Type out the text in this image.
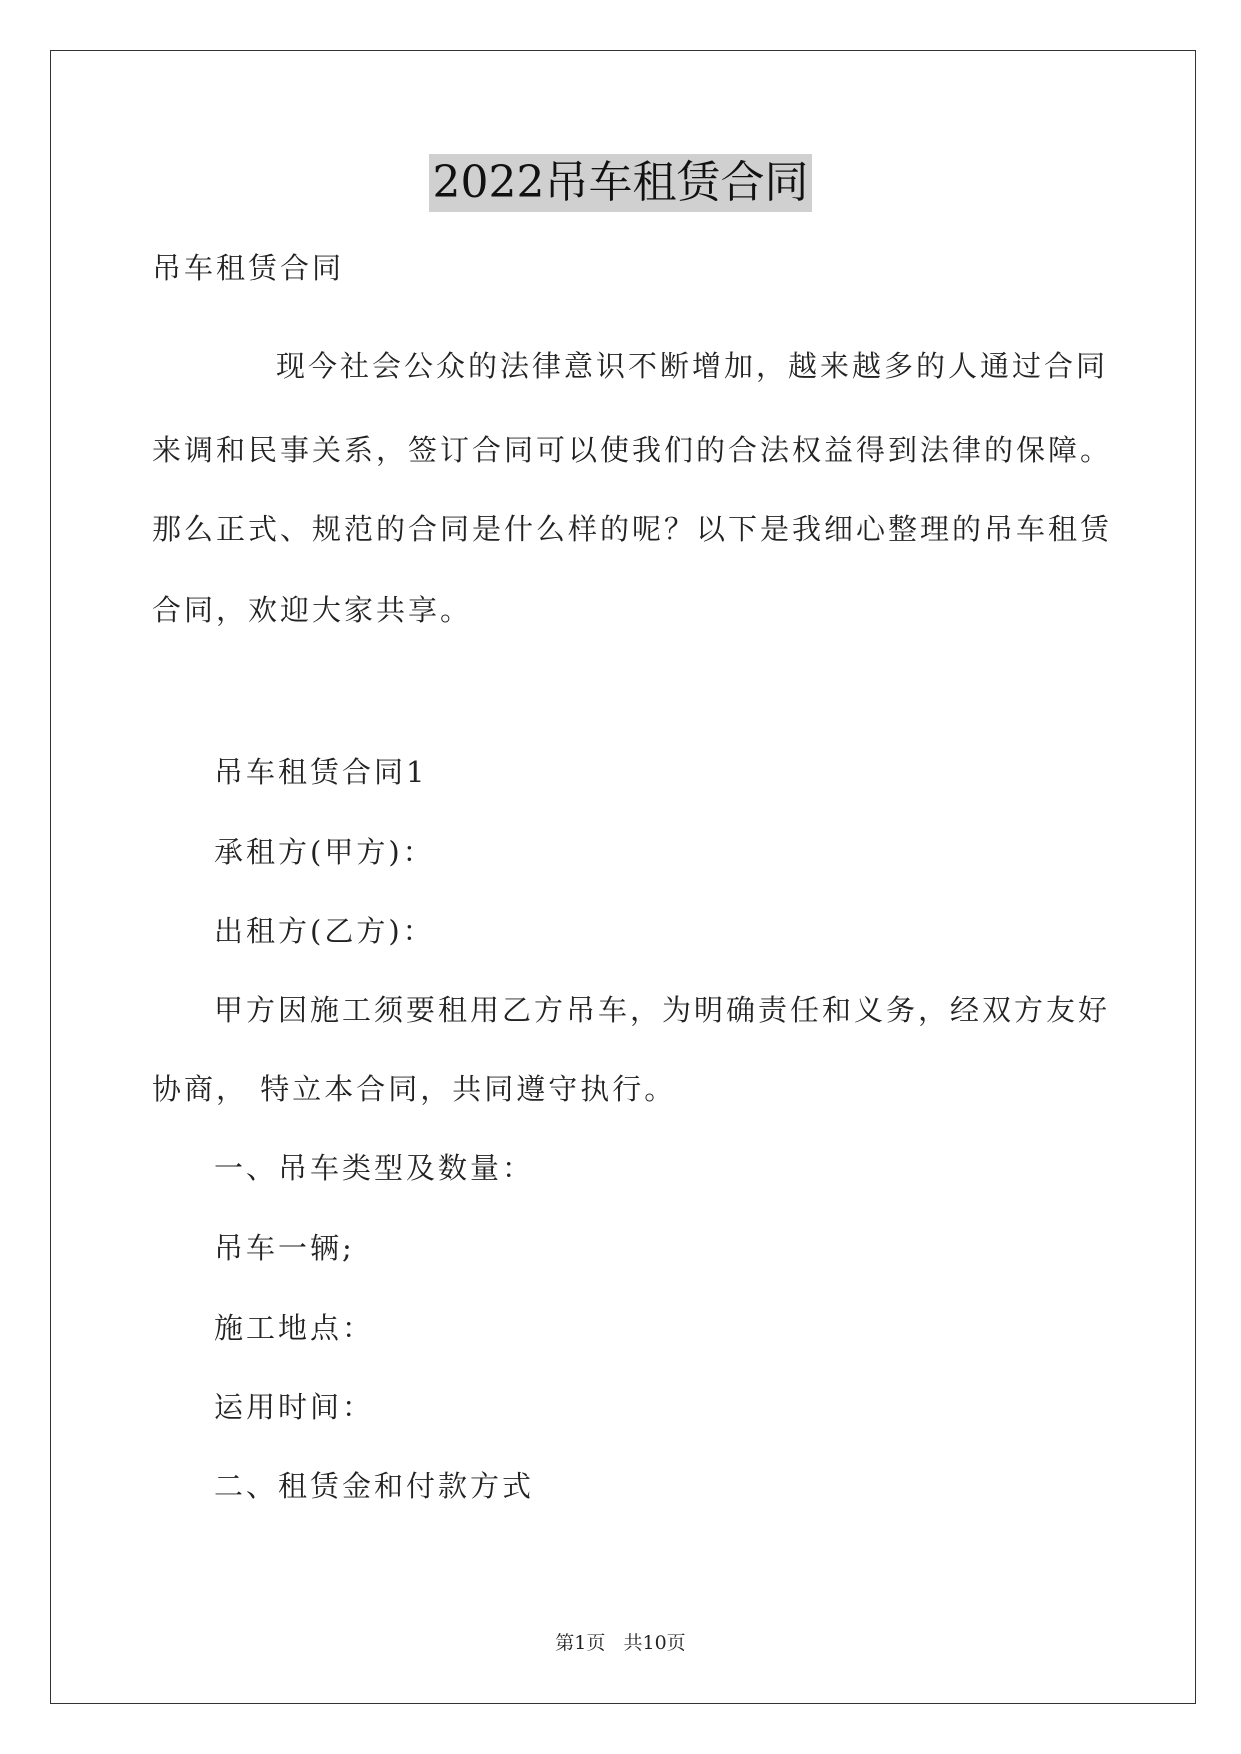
2022吊车租赁合同
吊车租赁合同
现今社会公众的法律意识不断增加，越来越多的人通过合同
来调和民事关系，签订合同可以使我们的合法权益得到法律的保障。
那么正式、规范的合同是什么样的呢？以下是我细心整理的吊车租赁
合同，欢迎大家共享。
吊车租赁合同1
承租方(甲方)：
出租方(乙方)：
甲方因施工须要租用乙方吊车，为明确责任和义务，经双方友好
协商， 特立本合同，共同遵守执行。
一、吊车类型及数量：
吊车一辆;
施工地点：
运用时间：
二、租赁金和付款方式
第1页   共10页
